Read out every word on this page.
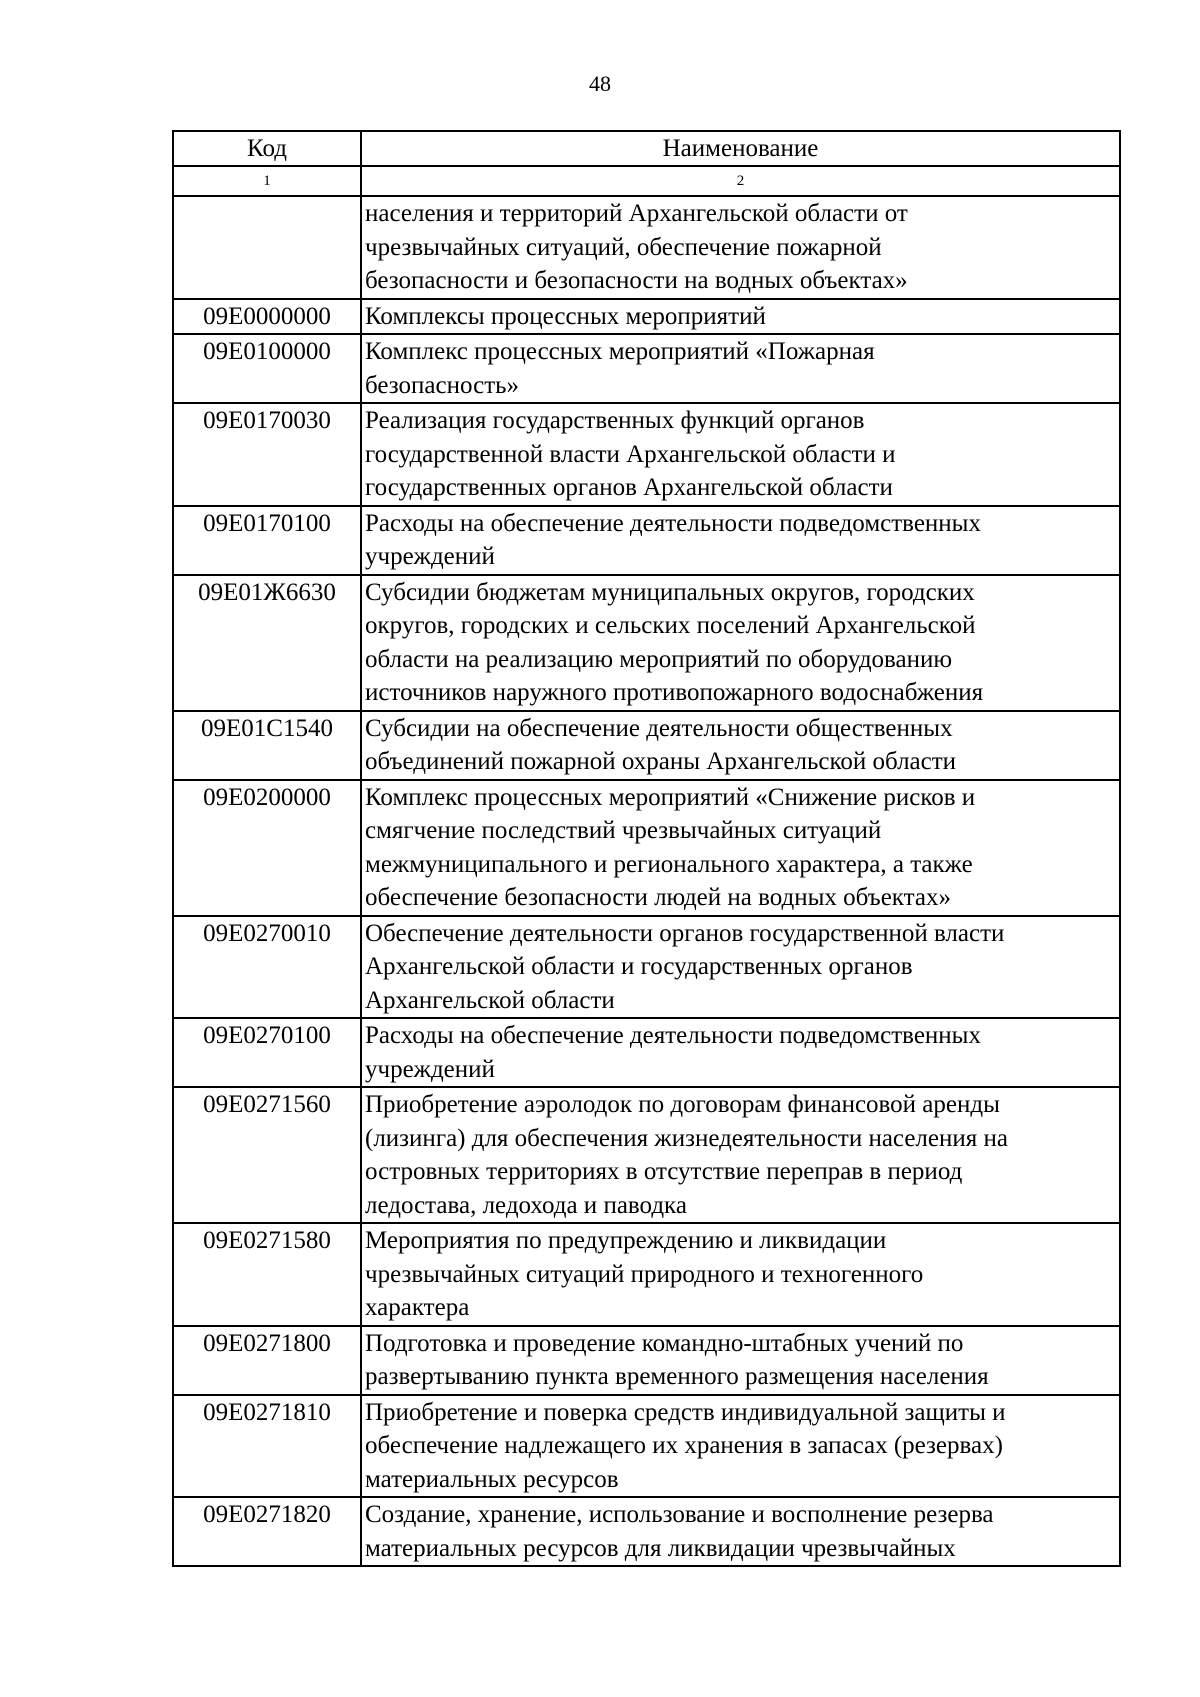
48
Код	Наименование
1	2

	населения и территорий Архангельской области от
чрезвычайных ситуаций, обеспечение пожарной
безопасности и безопасности на водных объектах»

09Е0000000	Комплексы процессных мероприятий

09Е0100000	Комплекс процессных мероприятий «Пожарная
безопасность»

09Е0170030	Реализация государственных функций органов
государственной власти Архангельской области и
государственных органов Архангельской области

09Е0170100	Расходы на обеспечение деятельности подведомственных
учреждений

09Е01Ж6630	Субсидии бюджетам муниципальных округов, городских
округов, городских и сельских поселений Архангельской
области на реализацию мероприятий по оборудованию
источников наружного противопожарного водоснабжения

09Е01С1540	Субсидии на обеспечение деятельности общественных
объединений пожарной охраны Архангельской области

09Е0200000	Комплекс процессных мероприятий «Снижение рисков и
смягчение последствий чрезвычайных ситуаций
межмуниципального и регионального характера, а также
обеспечение безопасности людей на водных объектах»

09Е0270010	Обеспечение деятельности органов государственной власти
Архангельской области и государственных органов
Архангельской области

09Е0270100	Расходы на обеспечение деятельности подведомственных
учреждений

09Е0271560	Приобретение аэролодок по договорам финансовой аренды
(лизинга) для обеспечения жизнедеятельности населения на
островных территориях в отсутствие переправ в период
ледостава, ледохода и паводка

09Е0271580	Мероприятия по предупреждению и ликвидации
чрезвычайных ситуаций природного и техногенного
характера

09Е0271800	Подготовка и проведение командно-штабных учений по
развертыванию пункта временного размещения населения

09Е0271810	Приобретение и поверка средств индивидуальной защиты и
обеспечение надлежащего их хранения в запасах (резервах)
материальных ресурсов

09Е0271820	Создание, хранение, использование и восполнение резерва
материальных ресурсов для ликвидации чрезвычайных
